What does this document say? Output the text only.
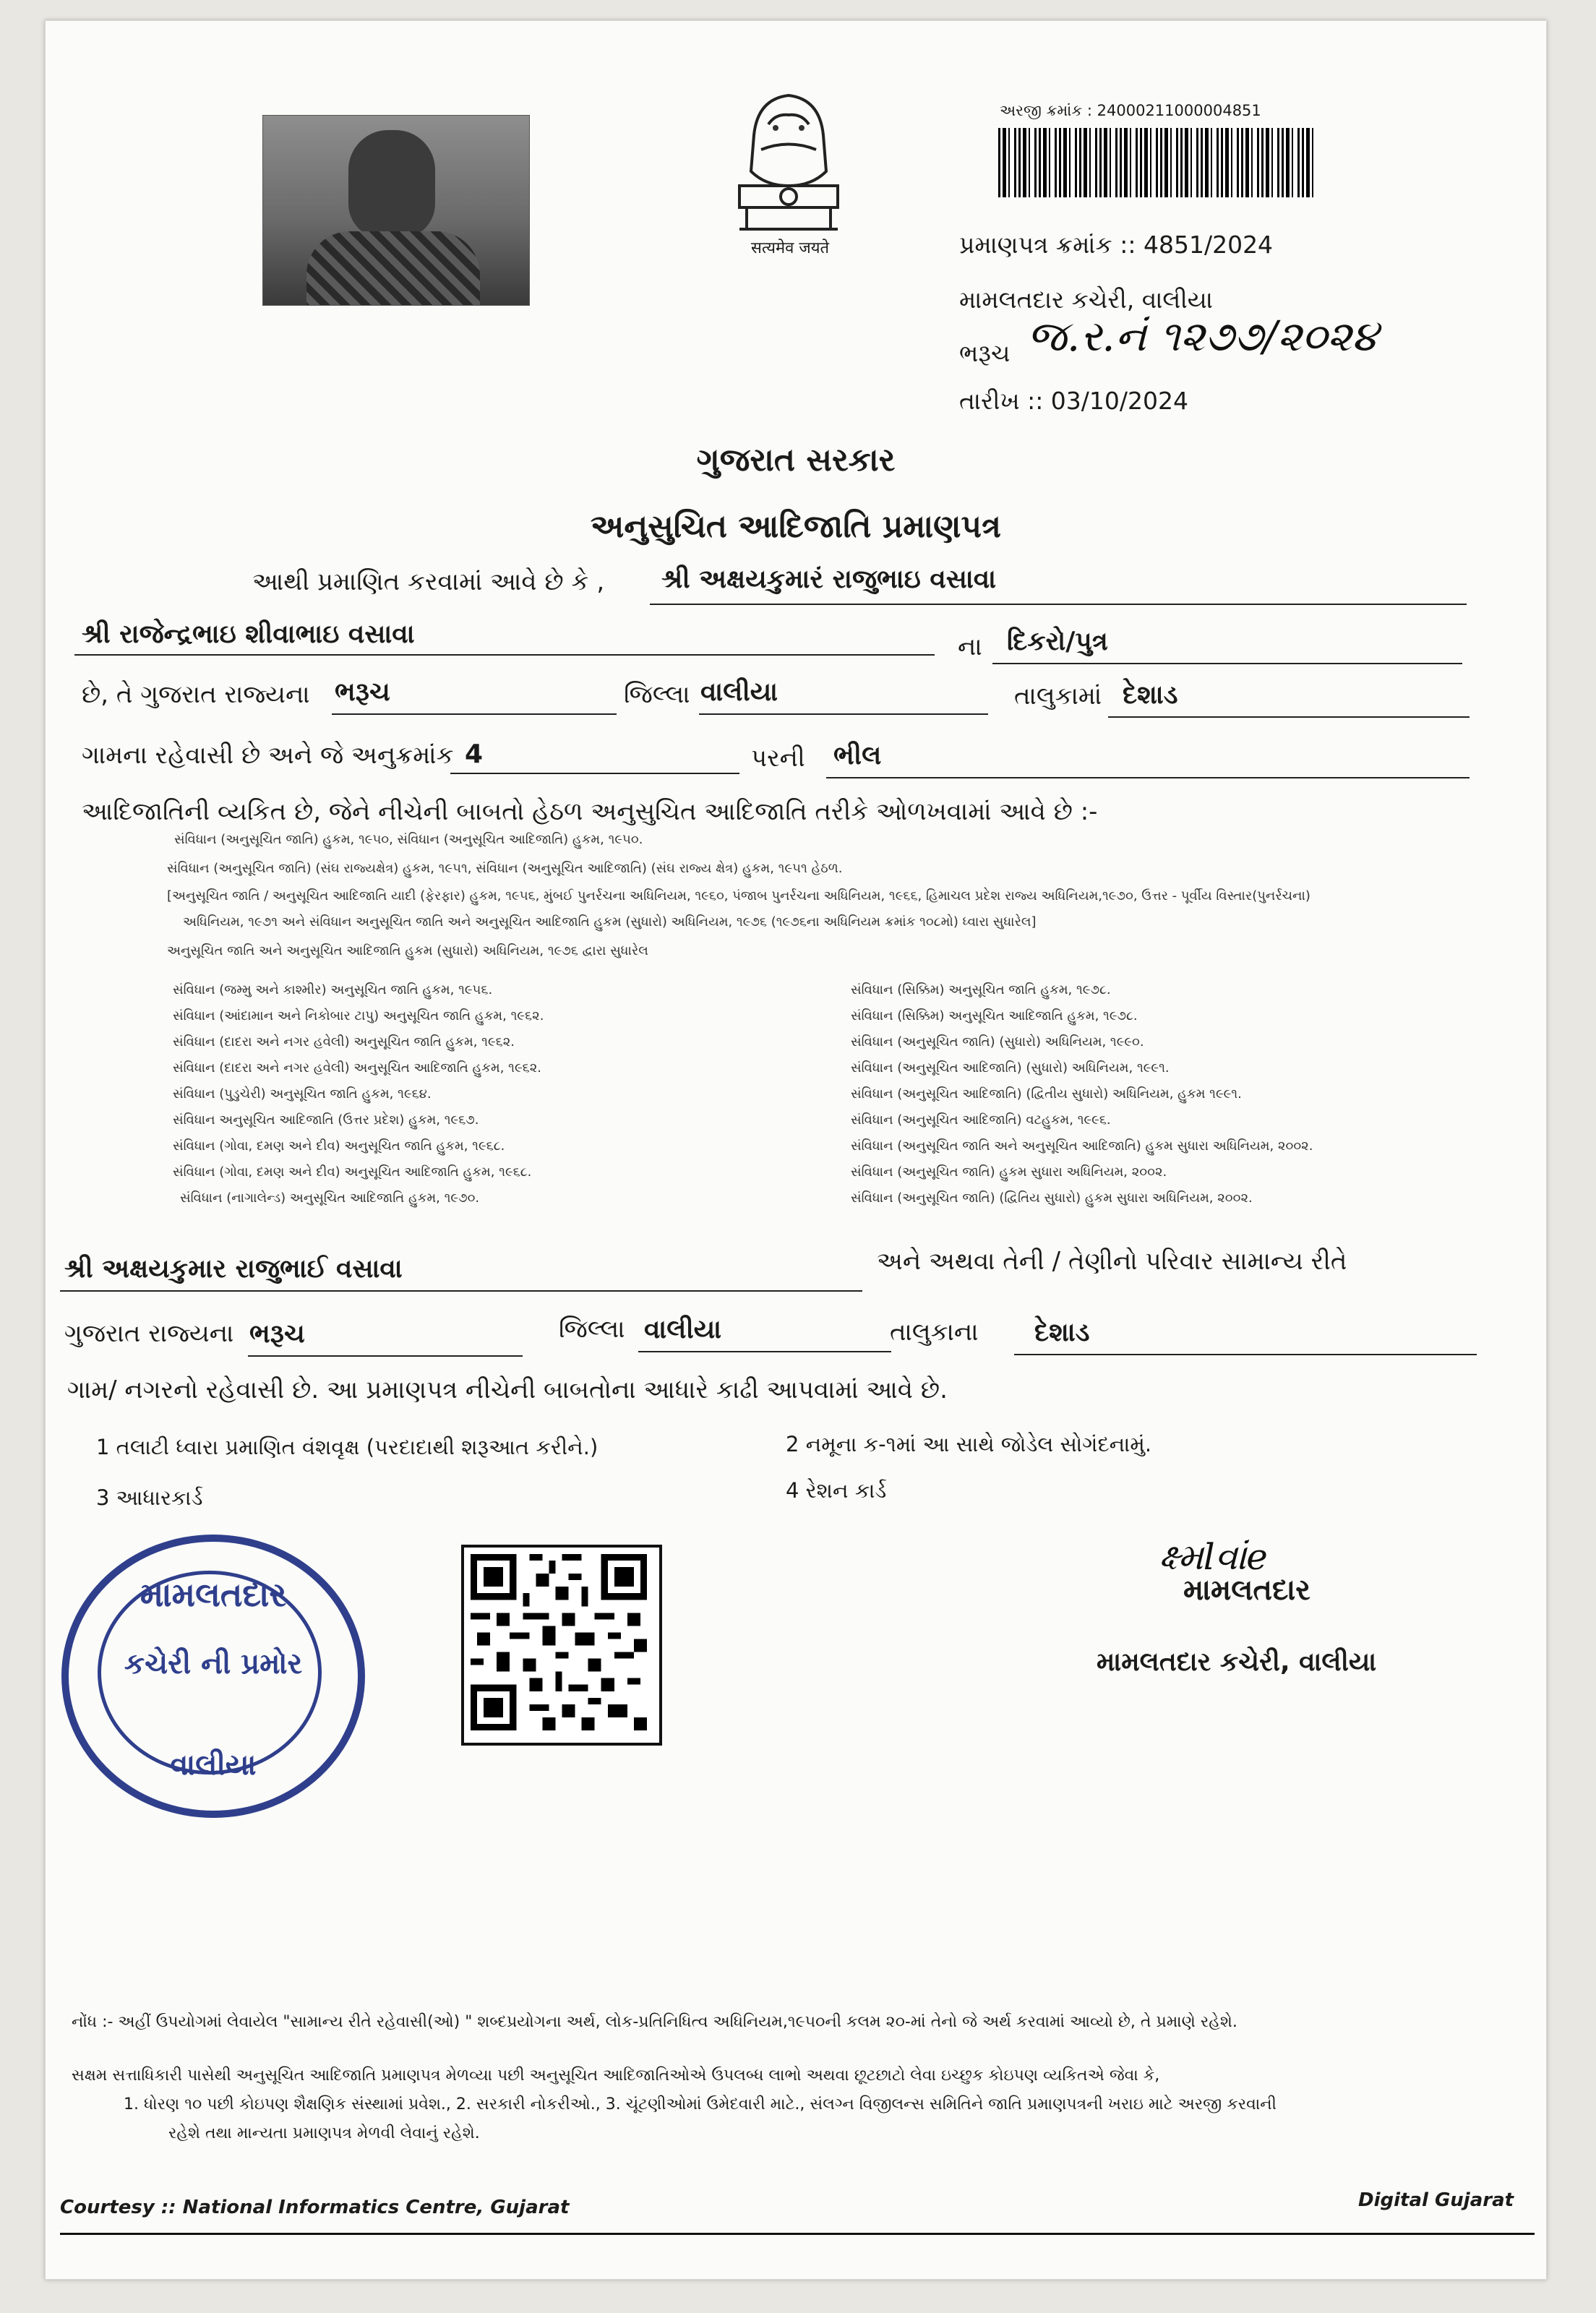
सत्यमेव जयते
અરજી ક્રમાંક : 24000211000004851
પ્રમાણપત્ર ક્રમાંક :: 4851/2024
મામલતદાર કચેરી, વાલીયા
ભરૂચ જ.ર.નં ૧૨૭૭/૨૦૨૪
તારીખ :: 03/10/2024
ગુજરાત સરકાર
અનુસુચિત આદિજાતિ પ્રમાણપત્ર
આથી પ્રમાણિત કરવામાં આવે છે કે , શ્રી અક્ષયકુમારં રાજુભાઇ વસાવા
શ્રી રાજેન્દ્રભાઇ શીવાભાઇ વસાવા	ના દિકરો/પુત્ર
છે, તે ગુજરાત રાજ્યના ભરૂચ	જિલ્લા વાલીયા	તાલુકામાં દેશાડ
ગામના રહેવાસી છે અને જે અનુક્રમાંક 4	પરની ભીલ
આદિજાતિની વ્યકિત છે, જેને નીચેની બાબતો હેઠળ અનુસુચિત આદિજાતિ તરીકે ઓળખવામાં આવે છે :-
સંવિધાન (અનુસૂચિત જાતિ) હુકમ, ૧૯૫૦, સંવિધાન (અનુસૂચિત આદિજાતિ) હુકમ, ૧૯૫૦.
સંવિધાન (અનુસૂચિત જાતિ) (સંઘ રાજ્યક્ષેત્ર) હુકમ, ૧૯૫૧, સંવિધાન (અનુસૂચિત આદિજાતિ) (સંઘ રાજ્ય ક્ષેત્ર) હુકમ, ૧૯૫૧ હેઠળ.
[અનુસૂચિત જાતિ / અનુસૂચિત આદિજાતિ યાદી (ફેરફાર) હુકમ, ૧૯૫૬, મુંબઈ પુનર્રચના અધિનિયમ, ૧૯૬૦, પંજાબ પુનર્રચના અધિનિયમ, ૧૯૬૬, હિમાચલ પ્રદેશ રાજ્ય અધિનિયમ,૧૯૭૦, ઉત્તર - પૂર્વીય વિસ્તાર(પુનર્રચના)
અધિનિયમ, ૧૯૭૧ અને સંવિધાન અનુસૂચિત જાતિ અને અનુસૂચિત આદિજાતિ હુકમ (સુધારો) અધિનિયમ, ૧૯૭૬ (૧૯૭૬ના અધિનિયમ ક્રમાંક ૧૦૮મો) ધ્વારા સુધારેલ]
અનુસૂચિત જાતિ અને અનુસૂચિત આદિજાતિ હુકમ (સુધારો) અધિનિયમ, ૧૯૭૬ દ્વારા સુધારેલ
સંવિધાન (જમ્મુ અને કાશ્મીર) અનુસૂચિત જાતિ હુકમ, ૧૯૫૬.
સંવિધાન (આંદામાન અને નિકોબાર ટાપુ) અનુસૂચિત જાતિ હુકમ, ૧૯૬૨.
સંવિધાન (દાદરા અને નગર હવેલી) અનુસૂચિત જાતિ હુકમ, ૧૯૬૨.
સંવિધાન (દાદરા અને નગર હવેલી) અનુસૂચિત આદિજાતિ હુકમ, ૧૯૬૨.
સંવિધાન (પુડુચેરી) અનુસૂચિત જાતિ હુકમ, ૧૯૬૪.
સંવિધાન અનુસૂચિત આદિજાતિ (ઉત્તર પ્રદેશ) હુકમ, ૧૯૬૭.
સંવિધાન (ગોવા, દમણ અને દીવ) અનુસૂચિત જાતિ હુકમ, ૧૯૬૮.
સંવિધાન (ગોવા, દમણ અને દીવ) અનુસૂચિત આદિજાતિ હુકમ, ૧૯૬૮.
સંવિધાન (નાગાલેન્ડ) અનુસૂચિત આદિજાતિ હુકમ, ૧૯૭૦.
સંવિધાન (સિક્કિમ) અનુસૂચિત જાતિ હુકમ, ૧૯૭૮.
સંવિધાન (સિક્કિમ) અનુસૂચિત આદિજાતિ હુકમ, ૧૯૭૮.
સંવિધાન (અનુસૂચિત જાતિ) (સુધારો) અધિનિયમ, ૧૯૯૦.
સંવિધાન (અનુસૂચિત આદિજાતિ) (સુધારો) અધિનિયમ, ૧૯૯૧.
સંવિધાન (અનુસૂચિત આદિજાતિ) (દ્વિતીય સુધારો) અધિનિયમ, હુકમ ૧૯૯૧.
સંવિધાન (અનુસૂચિત આદિજાતિ) વટહુકમ, ૧૯૯૬.
સંવિધાન (અનુસૂચિત જાતિ અને અનુસૂચિત આદિજાતિ) હુકમ સુધારા અધિનિયમ, ૨૦૦૨.
સંવિધાન (અનુસૂચિત જાતિ) હુકમ સુધારા અધિનિયમ, ૨૦૦૨.
સંવિધાન (અનુસૂચિત જાતિ) (દ્વિતિય સુધારો) હુકમ સુધારા અધિનિયમ, ૨૦૦૨.
શ્રી અક્ષયકુમાર રાજુભાઈ વસાવા	અને અથવા તેની / તેણીનો પરિવાર સામાન્ય રીતે
ગુજરાત રાજ્યના ભરૂચ	જિલ્લા વાલીયા	તાલુકાના દેશાડ
ગામ/ નગરનો રહેવાસી છે. આ પ્રમાણપત્ર નીચેની બાબતોના આધારે કાઢી આપવામાં આવે છે.
1 તલાટી ધ્વારા પ્રમાણિત વંશવૃક્ષ (પરદાદાથી શરૂઆત કરીને.)	2 નમૂના ક-૧માં આ સાથે જોડેલ સોગંદનામું.
3 આધારકાર્ડ	4 રેશન કાર્ડ
મામલતદાર
કચેરી ની પ્રમોર
વાલીયા
ક્ષ્મlવાંe
મામલતદાર
મામલતદાર કચેરી, વાલીયા
નોંધ :- અહીં ઉપયોગમાં લેવાયેલ "સામાન્ય રીતે રહેવાસી(ઓ) " શબ્દપ્રયોગના અર્થ, લોક-પ્રતિનિધિત્વ અધિનિયમ,૧૯૫૦ની કલમ ૨૦-માં તેનો જે અર્થ કરવામાં આવ્યો છે, તે પ્રમાણે રહેશે.
સક્ષમ સત્તાધિકારી પાસેથી અનુસૂચિત આદિજાતિ પ્રમાણપત્ર મેળવ્યા પછી અનુસૂચિત આદિજાતિઓએ ઉપલબ્ધ લાભો અથવા છૂટછાટો લેવા ઇચ્છુક કોઇપણ વ્યકિતએ જેવા કે,
1. ધોરણ ૧૦ પછી કોઇપણ શૈક્ષણિક સંસ્થામાં પ્રવેશ., 2. સરકારી નોકરીઓ., 3. ચૂંટણીઓમાં ઉમેદવારી માટે., સંલગ્ન વિજીલન્સ સમિતિને જાતિ પ્રમાણપત્રની ખરાઇ માટે અરજી કરવાની
રહેશે તથા માન્યતા પ્રમાણપત્ર મેળવી લેવાનું રહેશે.
Courtesy :: National Informatics Centre, Gujarat	Digital Gujarat
